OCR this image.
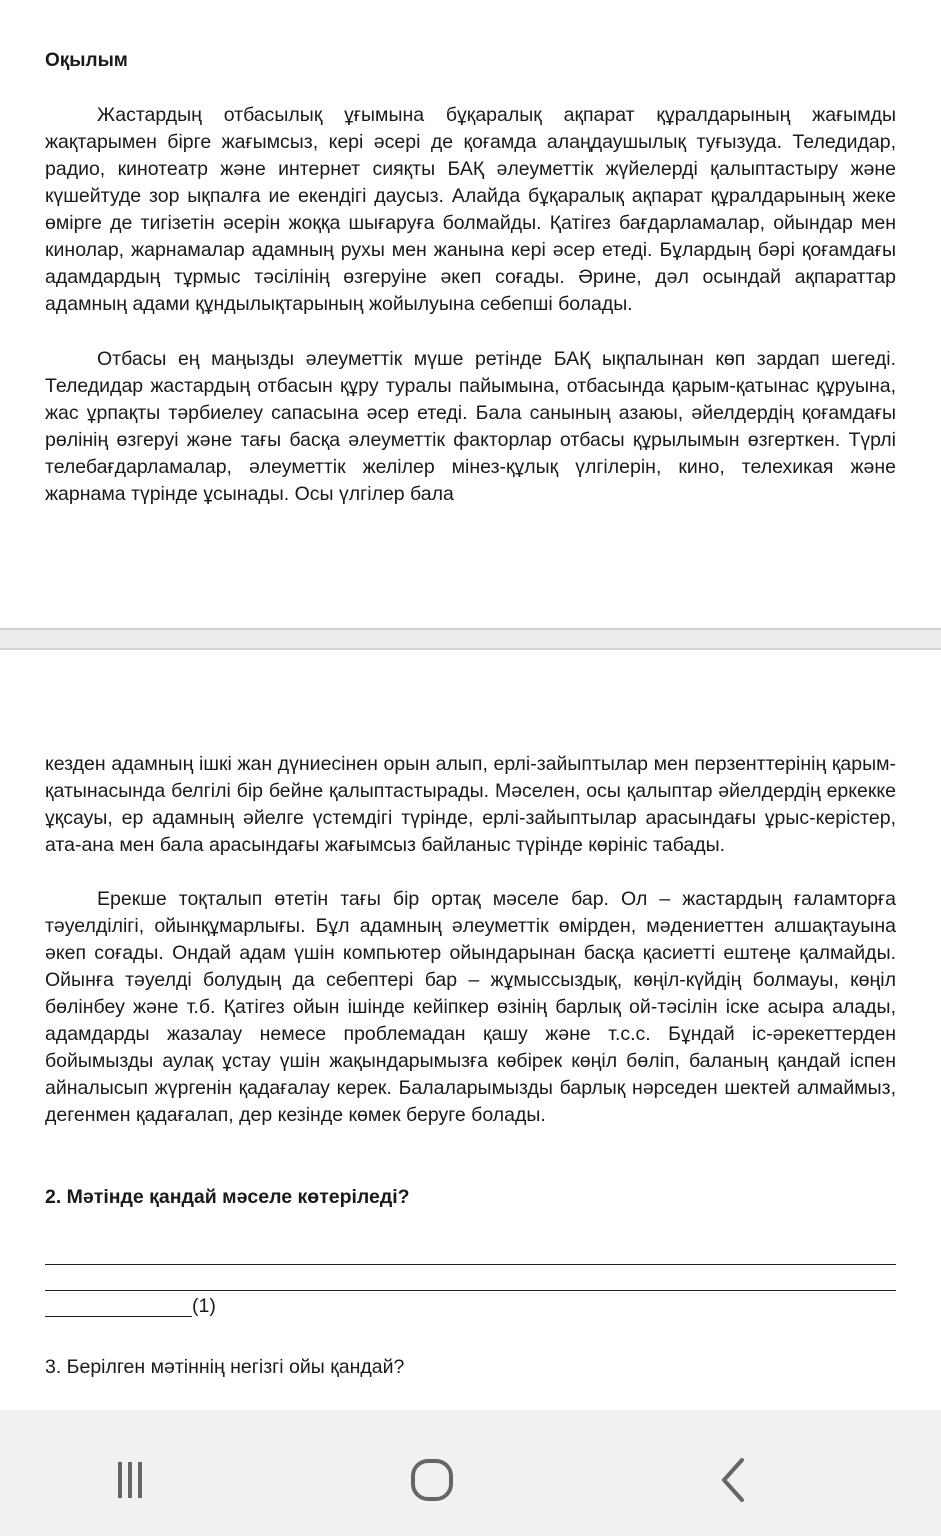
Оқылым

Жастардың отбасылық ұғымына бұқаралық ақпарат құралдарының жағымды жақтарымен бірге жағымсыз, кері әсері де қоғамда алаңдаушылық туғызуда. Теледидар, радио, кинотеатр және интернет сияқты БАҚ әлеуметтік жүйелерді қалыптастыру және күшейтуде зор ықпалға ие екендігі даусыз. Алайда бұқаралық ақпарат құралдарының жеке өмірге де тигізетін әсерін жоққа шығаруға болмайды. Қатігез бағдарламалар, ойындар мен кинолар, жарнамалар адамның рухы мен жанына кері әсер етеді. Бұлардың бәрі қоғамдағы адамдардың тұрмыс тәсілінің өзгеруіне әкеп соғады. Әрине, дәл осындай ақпараттар адамның адами құндылықтарының жойылуына себепші болады.

Отбасы ең маңызды әлеуметтік мүше ретінде БАҚ ықпалынан көп зардап шегеді. Теледидар жастардың отбасын құру туралы пайымына, отбасында қарым-қатынас құруына, жас ұрпақты тәрбиелеу сапасына әсер етеді. Бала санының азаюы, әйелдердің қоғамдағы рөлінің өзгеруі және тағы басқа әлеуметтік факторлар отбасы құрылымын өзгерткен. Түрлі телебағдарламалар, әлеуметтік желілер мінез-құлық үлгілерін, кино, телехикая және жарнама түрінде ұсынады. Осы үлгілер бала

кезден адамның ішкі жан дүниесінен орын алып, ерлі-зайыптылар мен перзенттерінің қарым-қатынасында белгілі бір бейне қалыптастырады. Мәселен, осы қалыптар әйелдердің еркекке ұқсауы, ер адамның әйелге үстемдігі түрінде, ерлі-зайыптылар арасындағы ұрыс-керістер, ата-ана мен бала арасындағы жағымсыз байланыс түрінде көрініс табады.

Ерекше тоқталып өтетін тағы бір ортақ мәселе бар. Ол – жастардың ғаламторға тәуелділігі, ойынқұмарлығы. Бұл адамның әлеуметтік өмірден, мәдениеттен алшақтауына әкеп соғады. Ондай адам үшін компьютер ойындарынан басқа қасиетті ештеңе қалмайды. Ойынға тәуелді болудың да себептері бар – жұмыссыздық, көңіл-күйдің болмауы, көңіл бөлінбеу және т.б. Қатігез ойын ішінде кейіпкер өзінің барлық ой-тәсілін іске асыра алады, адамдарды жазалау немесе проблемадан қашу және т.с.с. Бұндай іс-әрекеттерден бойымызды аулақ ұстау үшін жақындарымызға көбірек көңіл бөліп, баланың қандай іспен айналысып жүргенін қадағалау керек. Балаларымызды барлық нәрседен шектей алмаймыз, дегенмен қадағалап, дер кезінде көмек беруге болады.

2. Мәтінде қандай мәселе көтеріледі?
(1)
3. Берілген мәтіннің негізгі ойы қандай?
